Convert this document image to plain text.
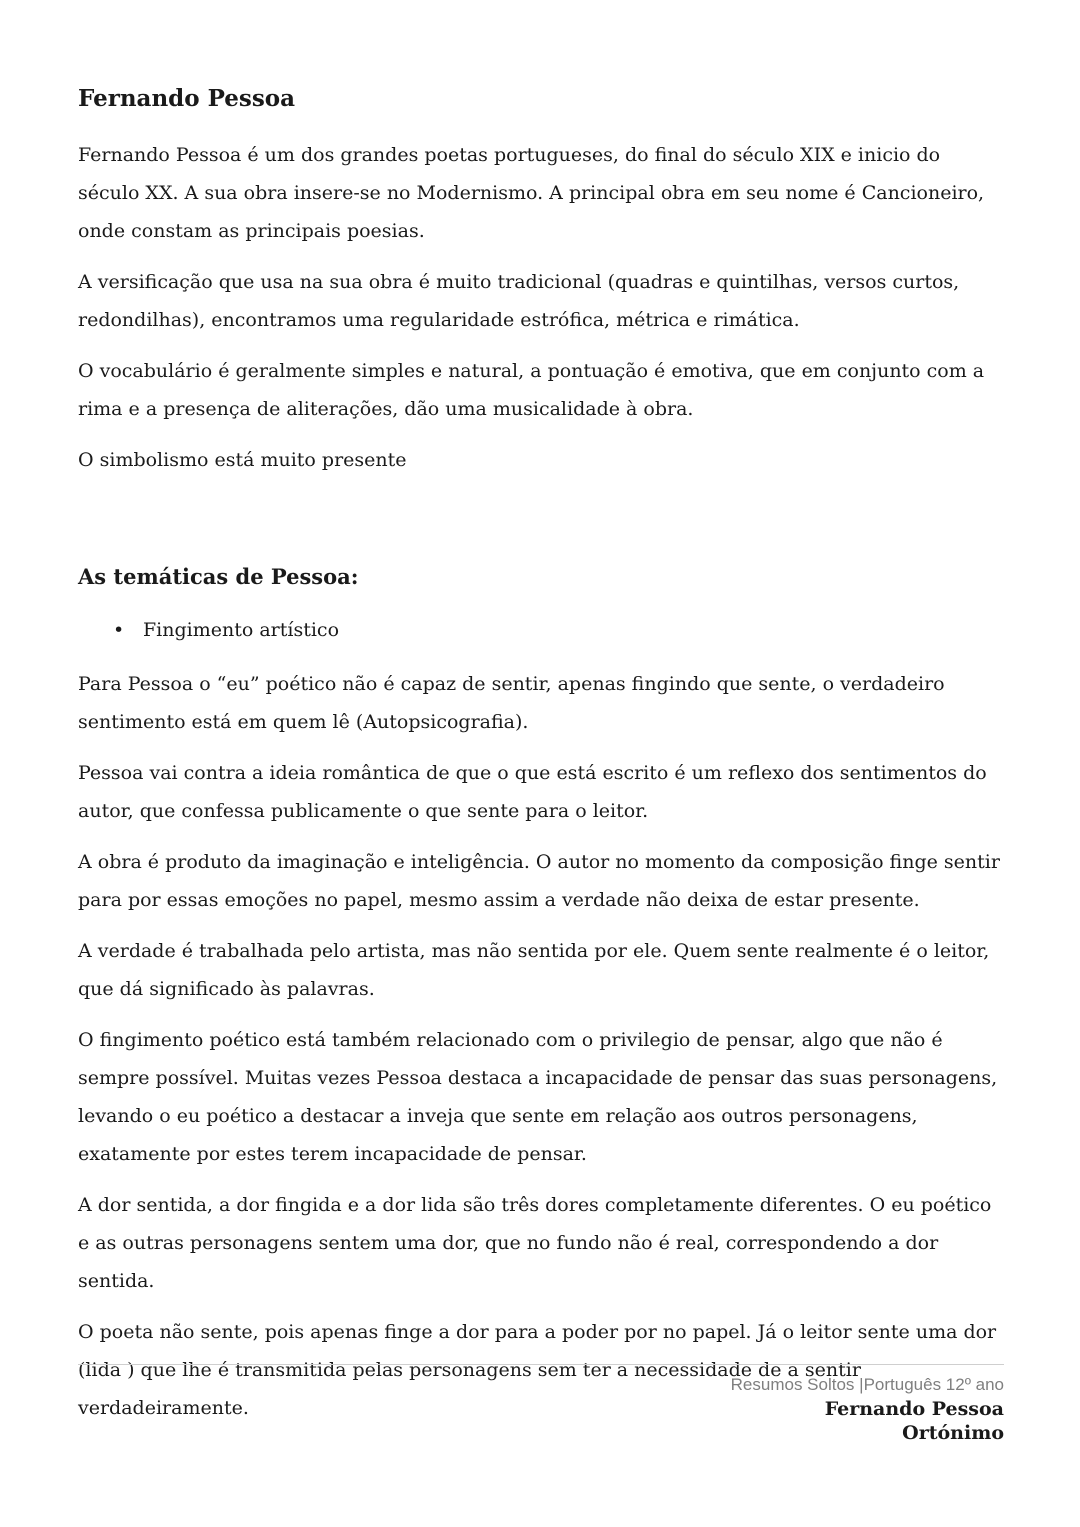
Fernando Pessoa

Fernando Pessoa é um dos grandes poetas portugueses, do final do século XIX e inicio do século XX. A sua obra insere-se no Modernismo. A principal obra em seu nome é Cancioneiro, onde constam as principais poesias.

A versificação que usa na sua obra é muito tradicional (quadras e quintilhas, versos curtos, redondilhas), encontramos uma regularidade estrófica, métrica e rimática.

O vocabulário é geralmente simples e natural, a pontuação é emotiva, que em conjunto com a rima e a presença de aliterações, dão uma musicalidade à obra.

O simbolismo está muito presente

As temáticas de Pessoa:
• Fingimento artístico

Para Pessoa o “eu” poético não é capaz de sentir, apenas fingindo que sente, o verdadeiro sentimento está em quem lê (Autopsicografia).

Pessoa vai contra a ideia romântica de que o que está escrito é um reflexo dos sentimentos do autor, que confessa publicamente o que sente para o leitor.

A obra é produto da imaginação e inteligência. O autor no momento da composição finge sentir para por essas emoções no papel, mesmo assim a verdade não deixa de estar presente.

A verdade é trabalhada pelo artista, mas não sentida por ele. Quem sente realmente é o leitor, que dá significado às palavras.

O fingimento poético está também relacionado com o privilegio de pensar, algo que não é sempre possível. Muitas vezes Pessoa destaca a incapacidade de pensar das suas personagens, levando o eu poético a destacar a inveja que sente em relação aos outros personagens, exatamente por estes terem incapacidade de pensar.

A dor sentida, a dor fingida e a dor lida são três dores completamente diferentes. O eu poético e as outras personagens sentem uma dor, que no fundo não é real, correspondendo a dor sentida.

O poeta não sente, pois apenas finge a dor para a poder por no papel. Já o leitor sente uma dor (lida ) que lhe é transmitida pelas personagens sem ter a necessidade de a sentir verdadeiramente.

Resumos Soltos |Português 12º ano
Fernando Pessoa
Ortónimo
